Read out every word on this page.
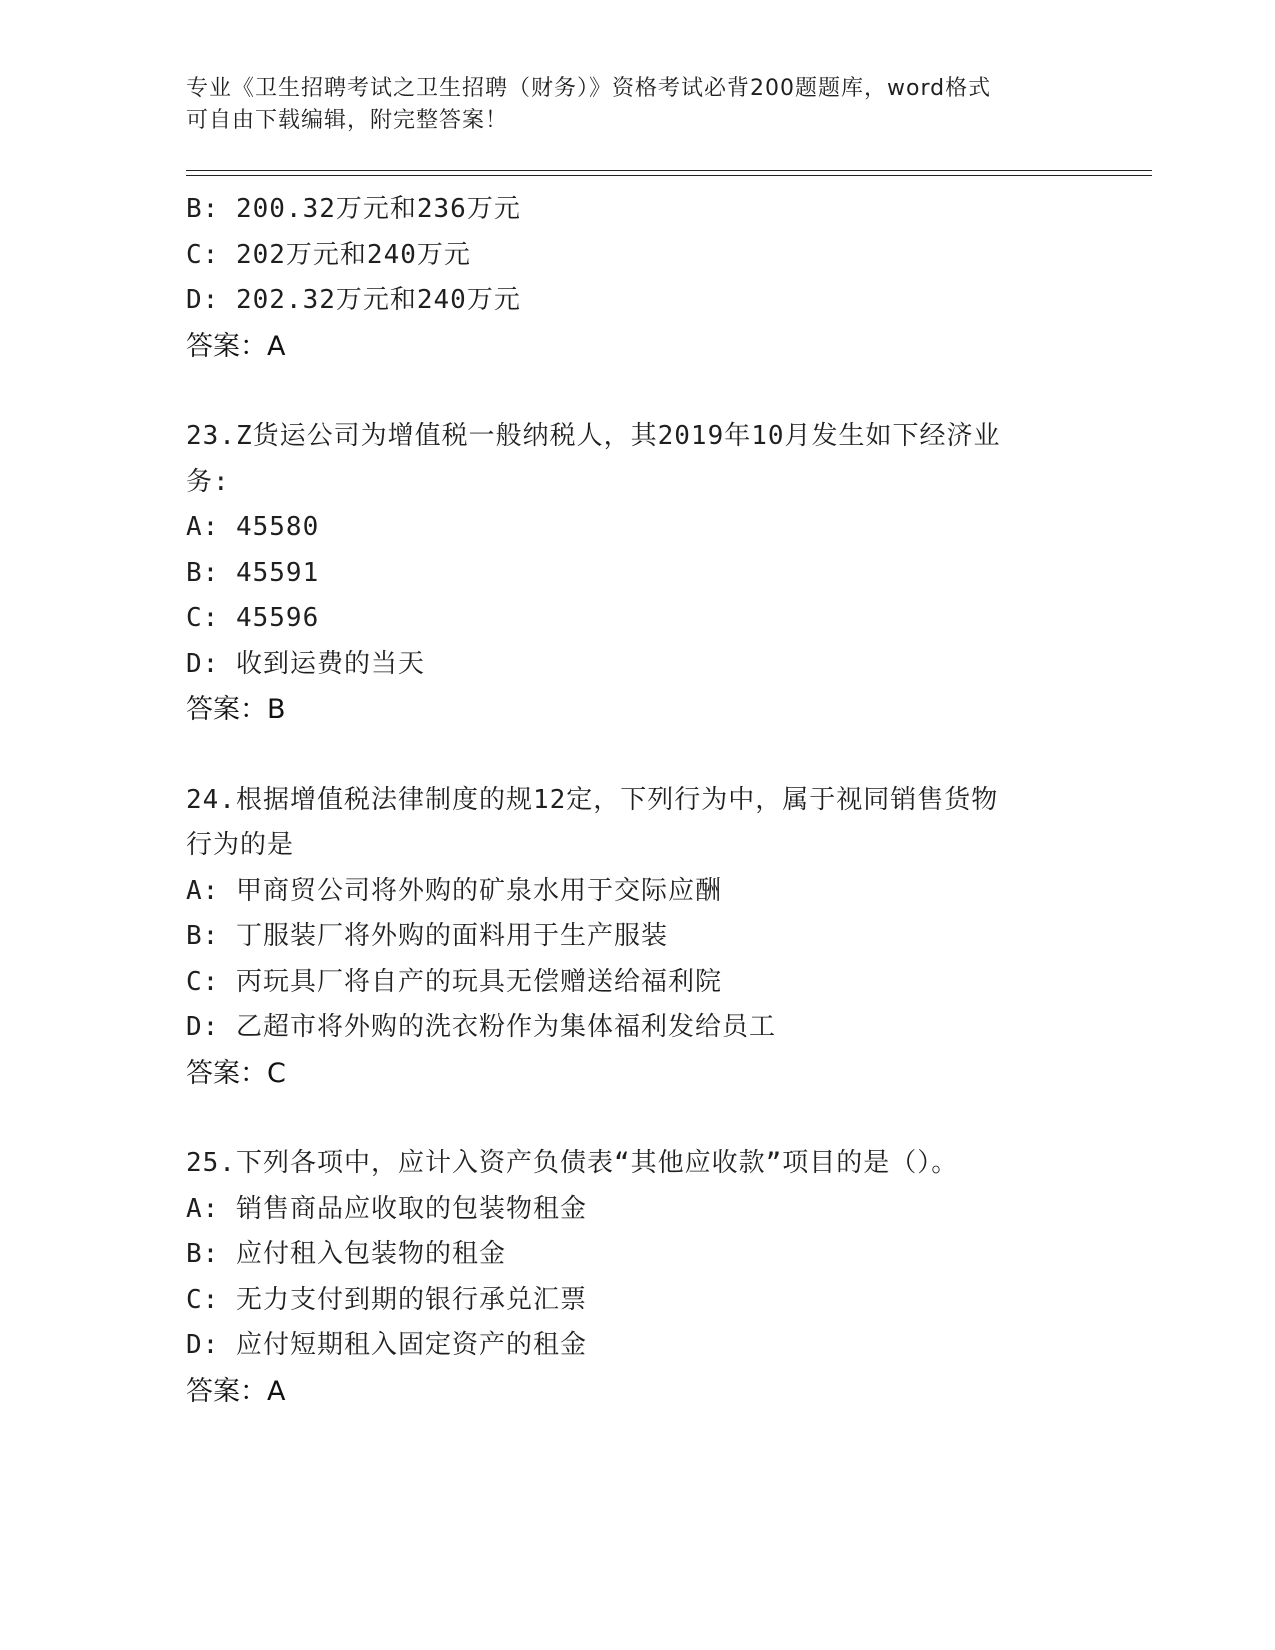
专业《卫生招聘考试之卫生招聘（财务）》资格考试必背200题题库，word格式
可自由下载编辑，附完整答案！
B: 200.32万元和236万元
C: 202万元和240万元
D: 202.32万元和240万元
答案：A
23.Z货运公司为增值税一般纳税人，其2019年10月发生如下经济业
务:
A: 45580
B: 45591
C: 45596
D: 收到运费的当天
答案：B
24.根据增值税法律制度的规12定，下列行为中，属于视同销售货物
行为的是
A: 甲商贸公司将外购的矿泉水用于交际应酬
B: 丁服装厂将外购的面料用于生产服装
C: 丙玩具厂将自产的玩具无偿赠送给福利院
D: 乙超市将外购的洗衣粉作为集体福利发给员工
答案：C
25.下列各项中，应计入资产负债表“其他应收款”项目的是（）。
A: 销售商品应收取的包装物租金
B: 应付租入包装物的租金
C: 无力支付到期的银行承兑汇票
D: 应付短期租入固定资产的租金
答案：A
